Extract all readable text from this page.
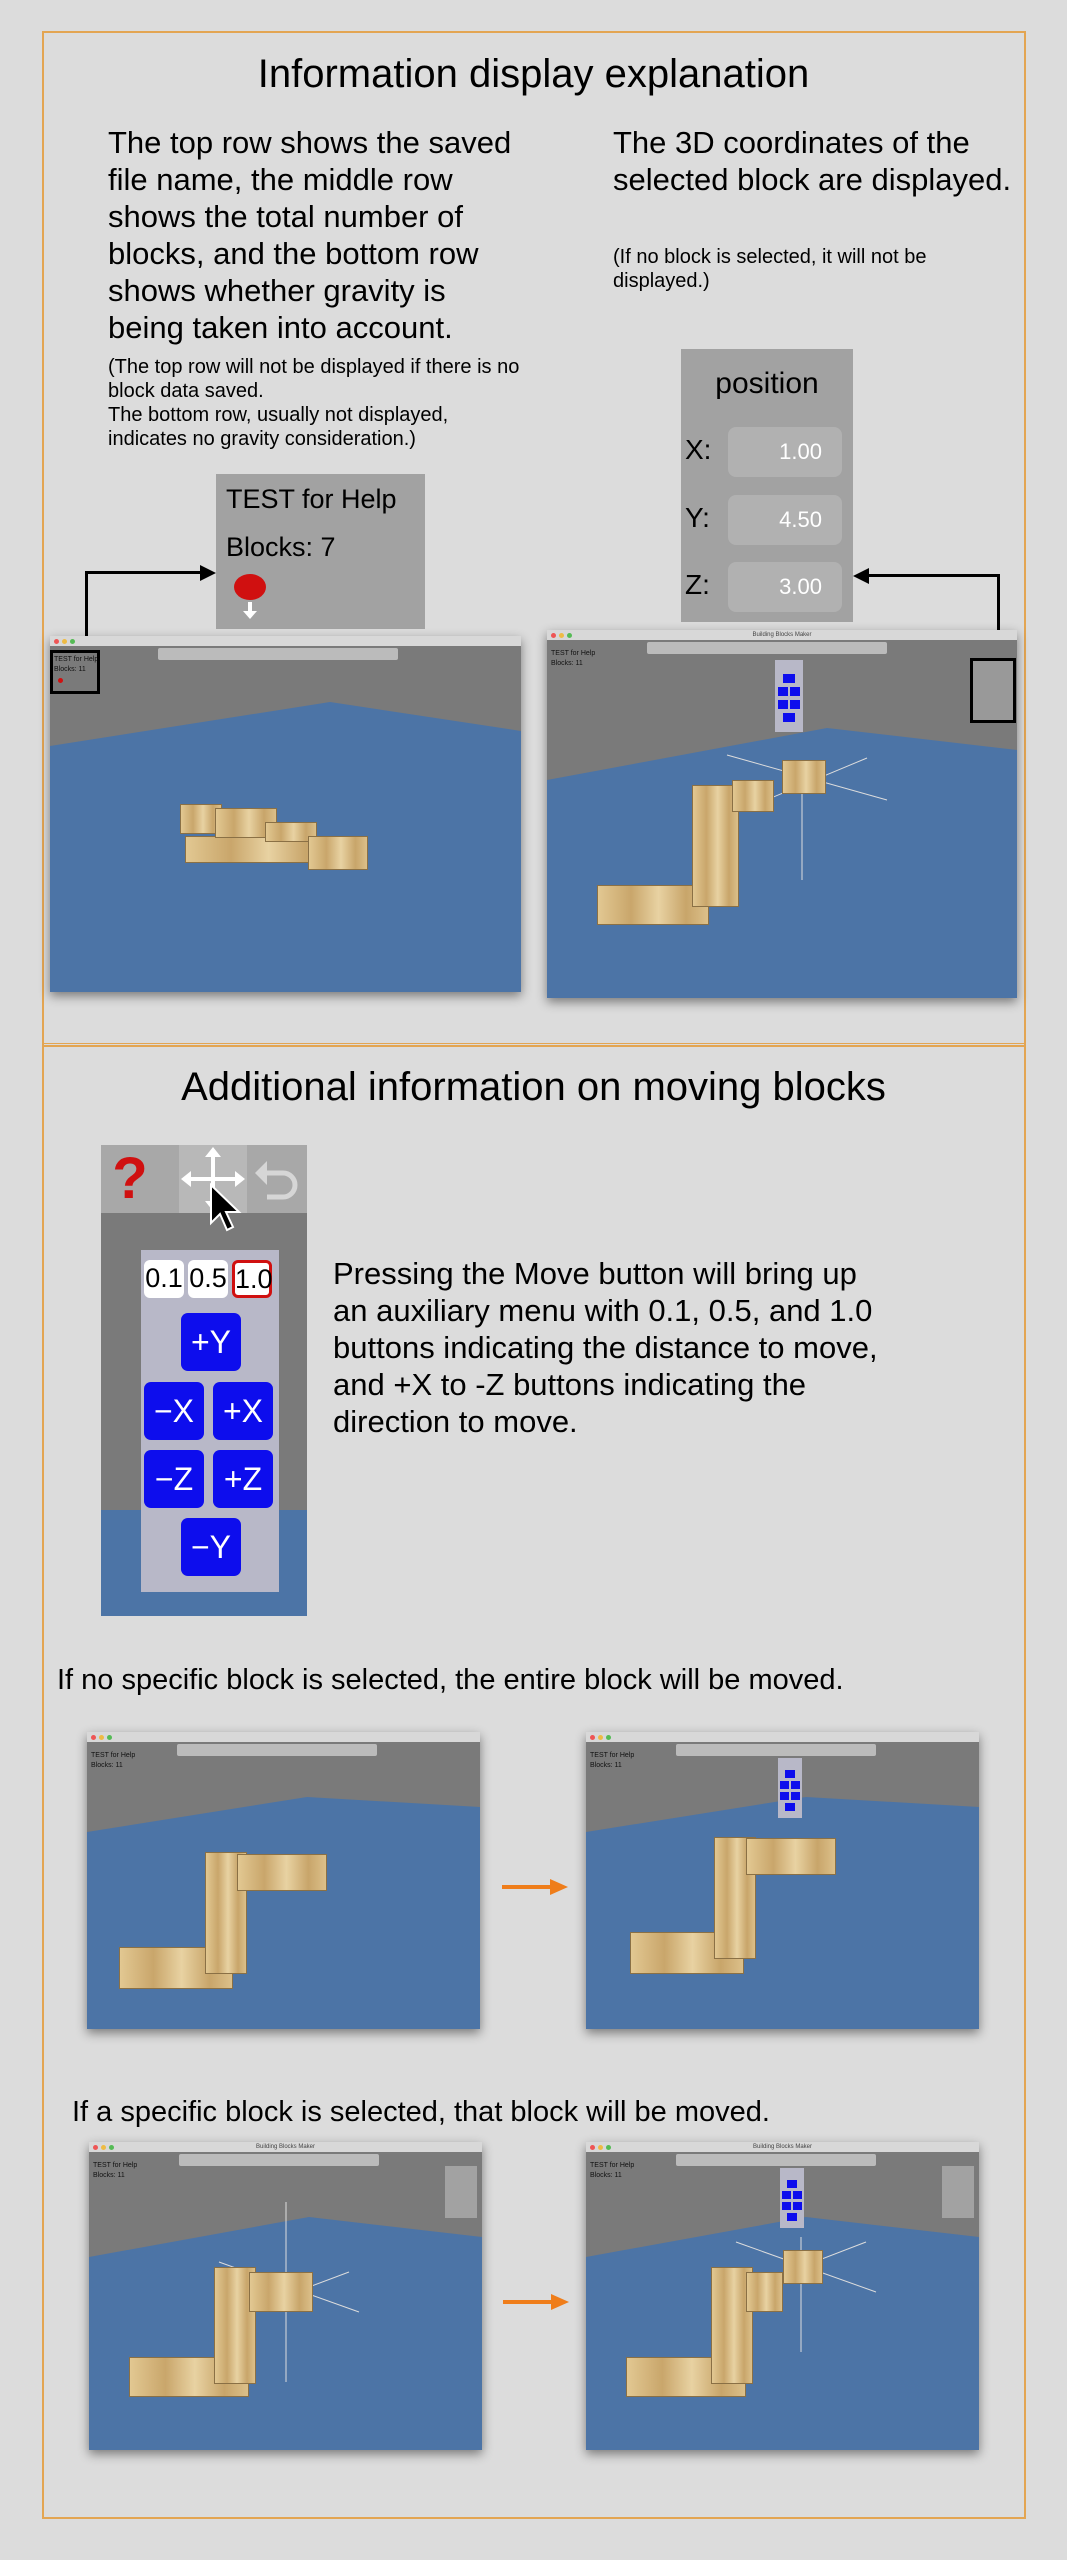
Information display explanation
The top row shows the saved file name, the middle row shows the total number of blocks, and the bottom row shows whether gravity is being taken into account.
(The top row will not be displayed if there is no block data saved.
The bottom row, usually not displayed, indicates no gravity consideration.)
The 3D coordinates of the selected block are displayed.
(If no block is selected, it will not be displayed.)
TEST for Help
Blocks: 7
position
X:	1.00
Y:	4.50
Z:	3.00
TEST for Help
Blocks: 11
Building Blocks Maker
TEST for Help
Blocks: 11
Additional information on moving blocks
?
0.1 0.5 1.0
+Y
−X +X
−Z +Z
−Y
Pressing the Move button will bring up an auxiliary menu with 0.1, 0.5, and 1.0 buttons indicating the distance to move, and +X to -Z buttons indicating the direction to move.
If no specific block is selected, the entire block will be moved.
TEST for Help
Blocks: 11
TEST for Help
Blocks: 11
If a specific block is selected, that block will be moved.
Building Blocks Maker
TEST for Help
Blocks: 11
Building Blocks Maker
TEST for Help
Blocks: 11
